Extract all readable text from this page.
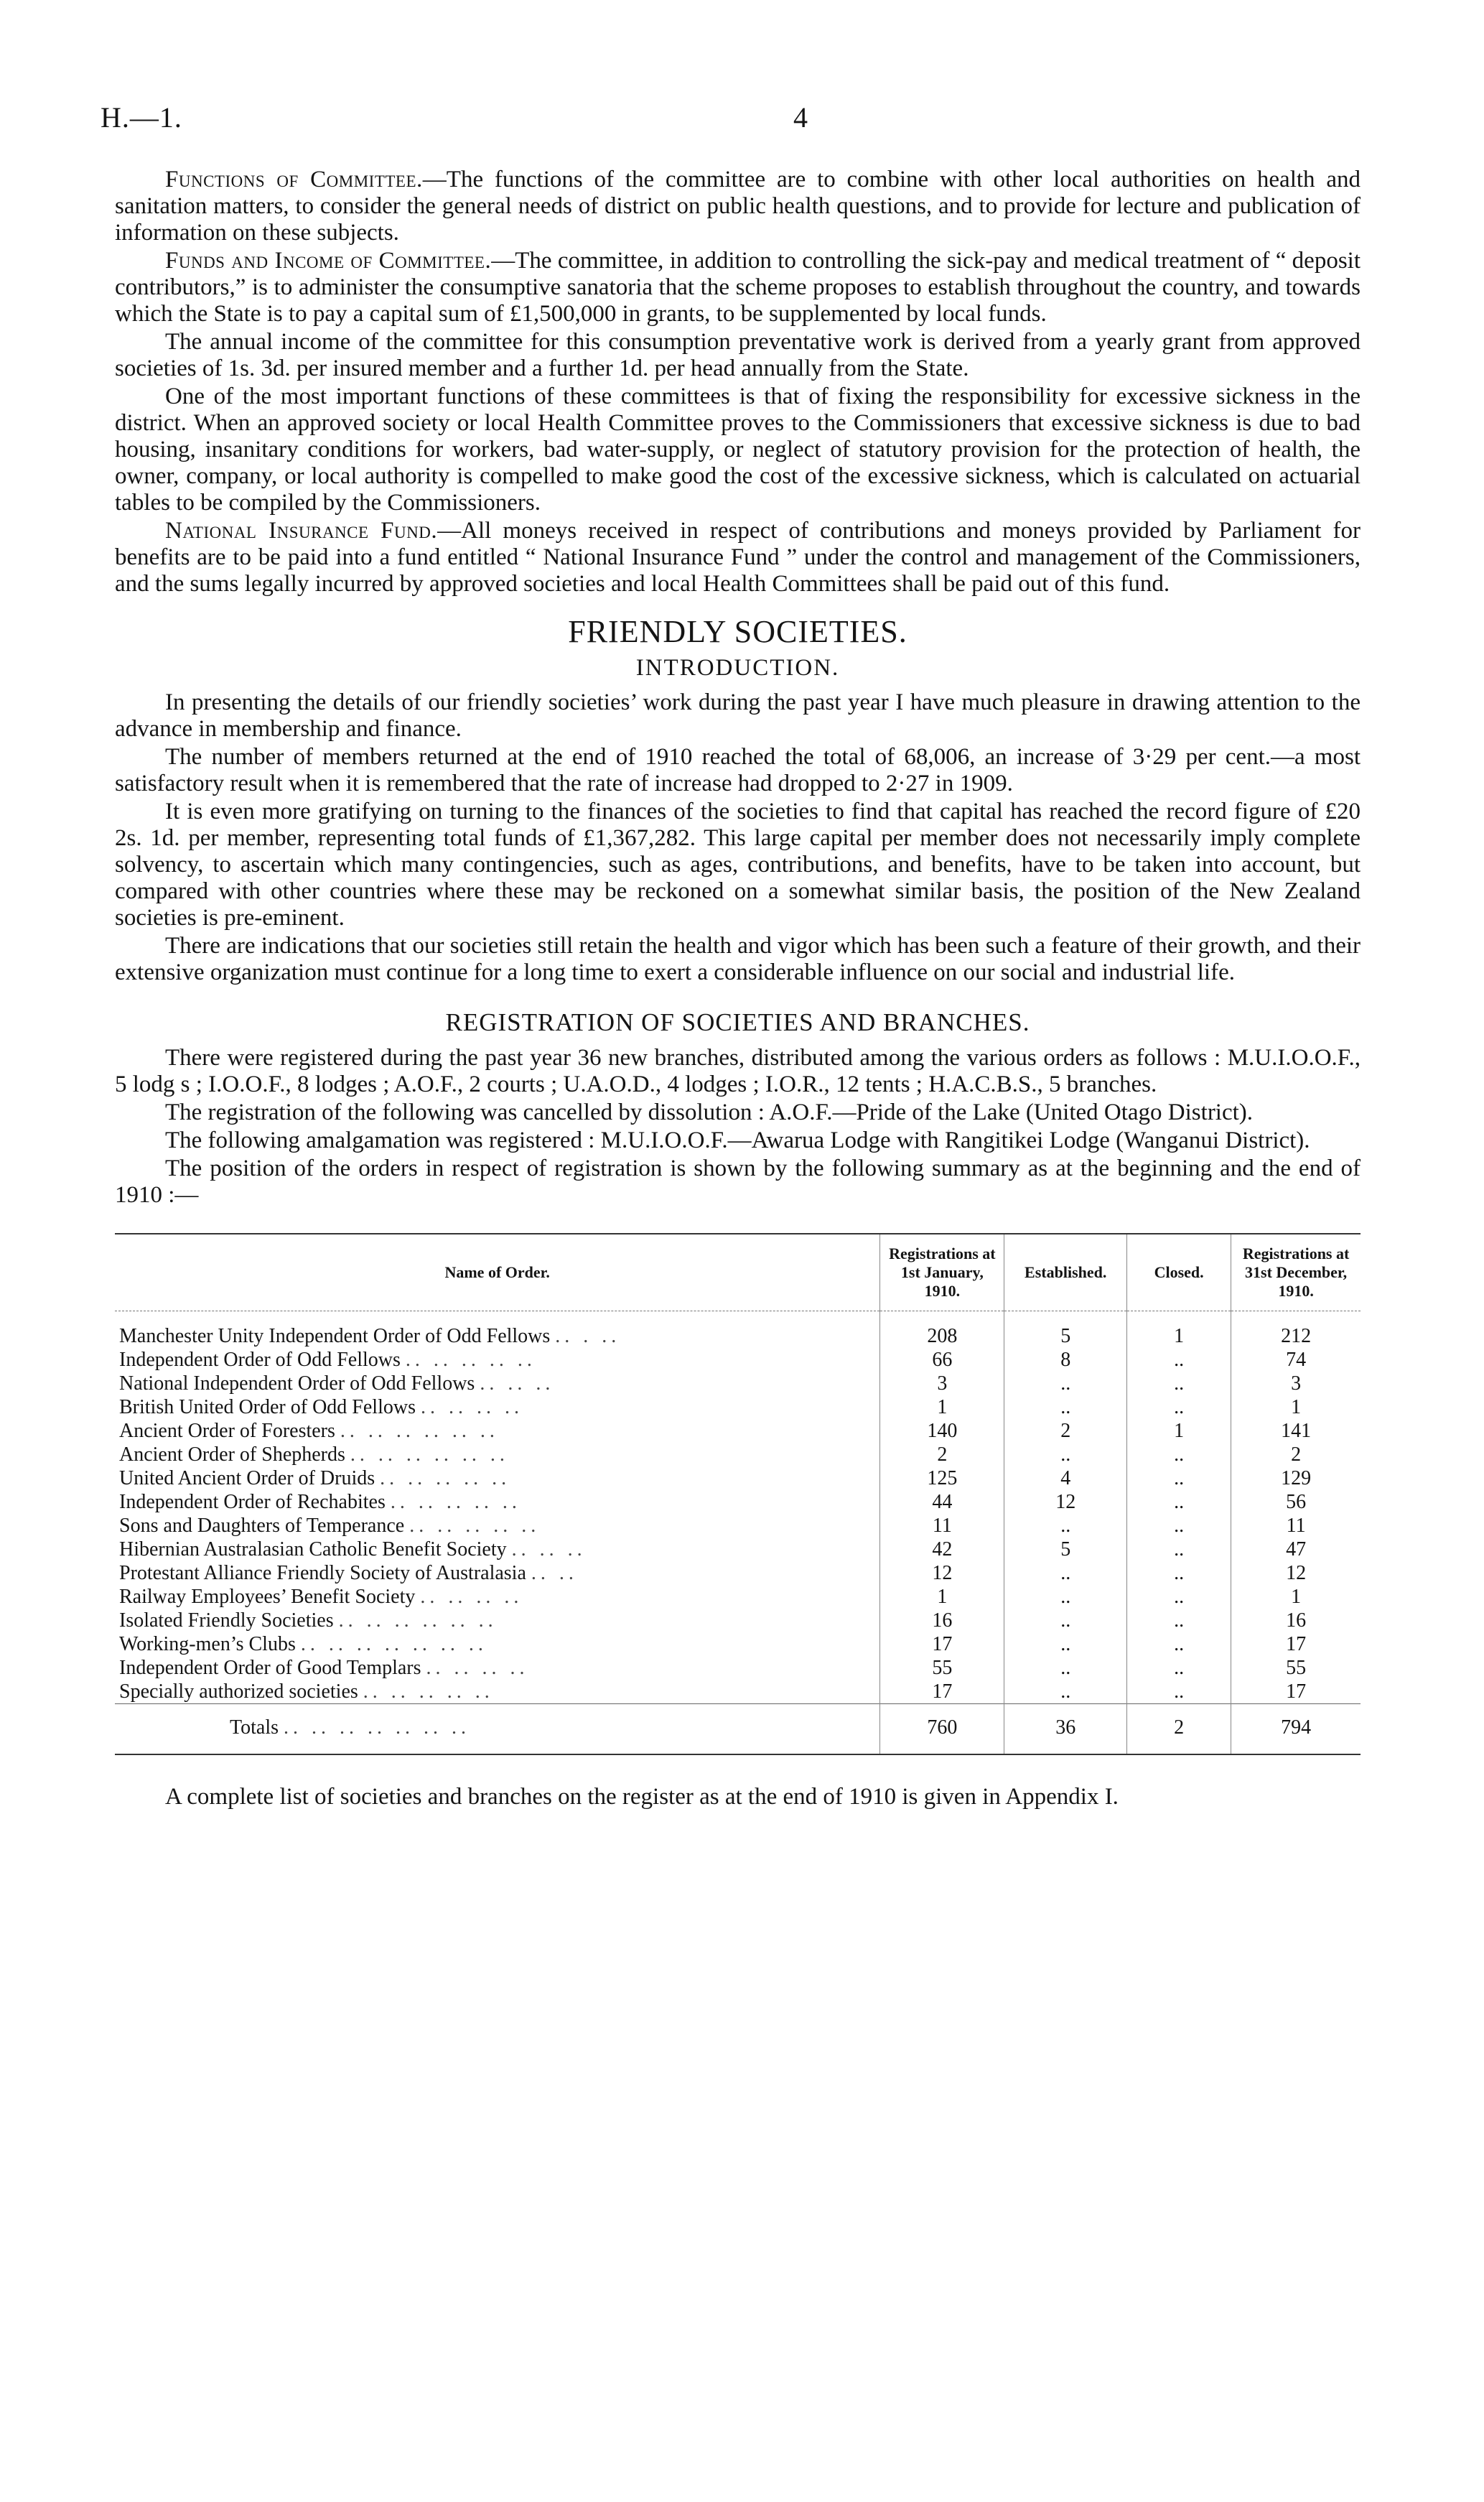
H.—1.	4

Functions of Committee.—The functions of the committee are to combine with other local authorities on health and sanitation matters, to consider the general needs of district on public health questions, and to provide for lecture and publication of information on these subjects.

Funds and Income of Committee.—The committee, in addition to controlling the sick-pay and medical treatment of “ deposit contributors,” is to administer the consumptive sanatoria that the scheme proposes to establish throughout the country, and towards which the State is to pay a capital sum of £1,500,000 in grants, to be supplemented by local funds.

The annual income of the committee for this consumption preventative work is derived from a yearly grant from approved societies of 1s. 3d. per insured member and a further 1d. per head annually from the State.

One of the most important functions of these committees is that of fixing the responsibility for excessive sickness in the district. When an approved society or local Health Committee proves to the Commissioners that excessive sickness is due to bad housing, insanitary conditions for workers, bad water-supply, or neglect of statutory provision for the protection of health, the owner, company, or local authority is compelled to make good the cost of the excessive sickness, which is calculated on actuarial tables to be compiled by the Commissioners.

National Insurance Fund.—All moneys received in respect of contributions and moneys provided by Parliament for benefits are to be paid into a fund entitled “ National Insurance Fund ” under the control and management of the Commissioners, and the sums legally incurred by approved societies and local Health Committees shall be paid out of this fund.

FRIENDLY SOCIETIES.
INTRODUCTION.

In presenting the details of our friendly societies’ work during the past year I have much pleasure in drawing attention to the advance in membership and finance.

The number of members returned at the end of 1910 reached the total of 68,006, an increase of 3·29 per cent.—a most satisfactory result when it is remembered that the rate of increase had dropped to 2·27 in 1909.

It is even more gratifying on turning to the finances of the societies to find that capital has reached the record figure of £20 2s. 1d. per member, representing total funds of £1,367,282. This large capital per member does not necessarily imply complete solvency, to ascertain which many contingencies, such as ages, contributions, and benefits, have to be taken into account, but compared with other countries where these may be reckoned on a somewhat similar basis, the position of the New Zealand societies is pre-eminent.

There are indications that our societies still retain the health and vigor which has been such a feature of their growth, and their extensive organization must continue for a long time to exert a considerable influence on our social and industrial life.

REGISTRATION OF SOCIETIES AND BRANCHES.

There were registered during the past year 36 new branches, distributed among the various orders as follows : M.U.I.O.O.F., 5 lodg s ; I.O.O.F., 8 lodges ; A.O.F., 2 courts ; U.A.O.D., 4 lodges ; I.O.R., 12 tents ; H.A.C.B.S., 5 branches.

The registration of the following was cancelled by dissolution : A.O.F.—Pride of the Lake (United Otago District).

The following amalgamation was registered : M.U.I.O.O.F.—Awarua Lodge with Rangitikei Lodge (Wanganui District).

The position of the orders in respect of registration is shown by the following summary as at the beginning and the end of 1910 :—

Name of Order.	Registrations at 1st January, 1910.	Established.	Closed.	Registrations at 31st December, 1910.
Manchester Unity Independent Order of Odd Fellows .. . ..	208	5	1	212
Independent Order of Odd Fellows .. .. .. .. ..	66	8	..	74
National Independent Order of Odd Fellows .. .. ..	3	..	..	3
British United Order of Odd Fellows .. .. .. ..	1	..	..	1
Ancient Order of Foresters .. .. .. .. .. ..	140	2	1	141
Ancient Order of Shepherds .. .. .. .. .. ..	2	..	..	2
United Ancient Order of Druids .. .. .. .. ..	125	4	..	129
Independent Order of Rechabites .. .. .. .. ..	44	12	..	56
Sons and Daughters of Temperance .. .. .. .. ..	11	..	..	11
Hibernian Australasian Catholic Benefit Society .. .. ..	42	5	..	47
Protestant Alliance Friendly Society of Australasia .. ..	12	..	..	12
Railway Employees’ Benefit Society .. .. .. ..	1	..	..	1
Isolated Friendly Societies .. .. .. .. .. ..	16	..	..	16
Working-men’s Clubs .. .. .. .. .. .. ..	17	..	..	17
Independent Order of Good Templars .. .. .. ..	55	..	..	55
Specially authorized societies .. .. .. .. ..	17	..	..	17
Totals .. .. .. .. .. .. ..	760	36	2	794

A complete list of societies and branches on the register as at the end of 1910 is given in Appendix I.
